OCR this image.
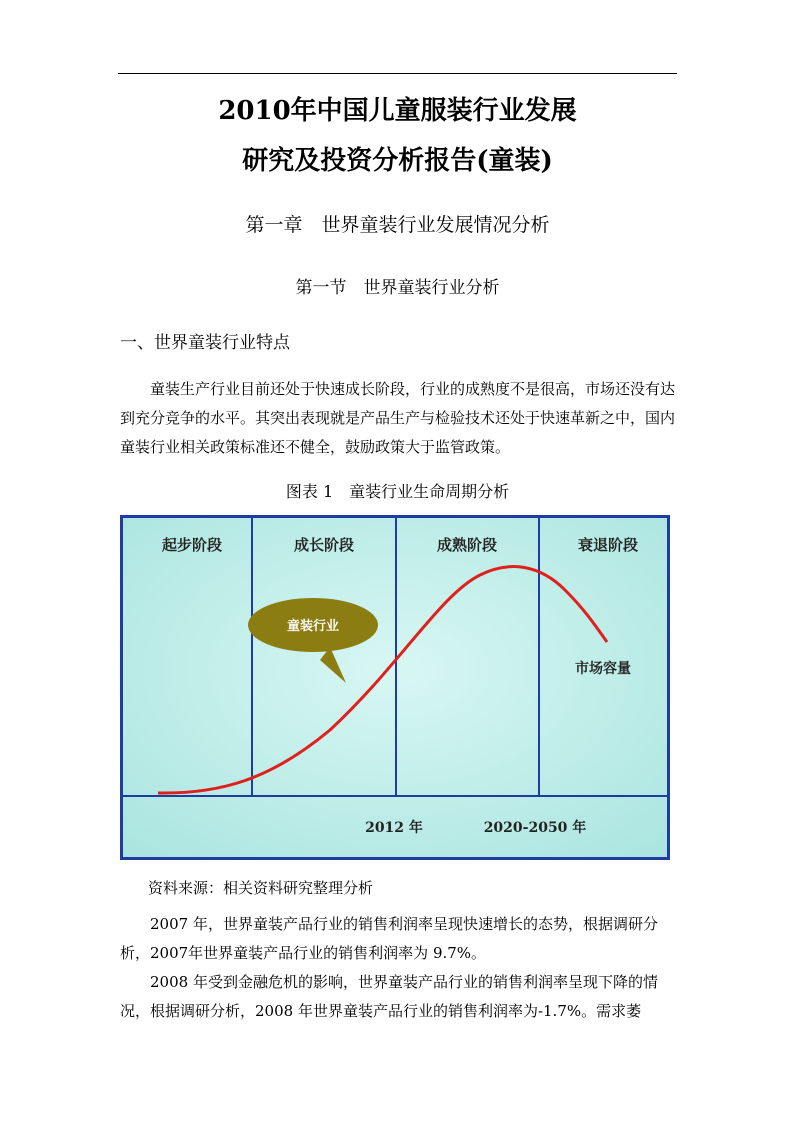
2010年中国儿童服装行业发展
研究及投资分析报告(童装)
第一章　世界童装行业发展情况分析
第一节　世界童装行业分析
一、世界童装行业特点

童装生产行业目前还处于快速成长阶段，行业的成熟度不是很高，市场还没有达到充分竞争的水平。其突出表现就是产品生产与检验技术还处于快速革新之中，国内童装行业相关政策标准还不健全，鼓励政策大于监管政策。

图表 1　童装行业生命周期分析
起步阶段	成长阶段	成熟阶段	衰退阶段
童装行业
市场容量
2012 年	2020-2050 年
资料来源：相关资料研究整理分析

2007 年，世界童装产品行业的销售利润率呈现快速增长的态势，根据调研分析，2007年世界童装产品行业的销售利润率为 9.7%。

2008 年受到金融危机的影响，世界童装产品行业的销售利润率呈现下降的情况，根据调研分析，2008 年世界童装产品行业的销售利润率为-1.7%。需求萎
